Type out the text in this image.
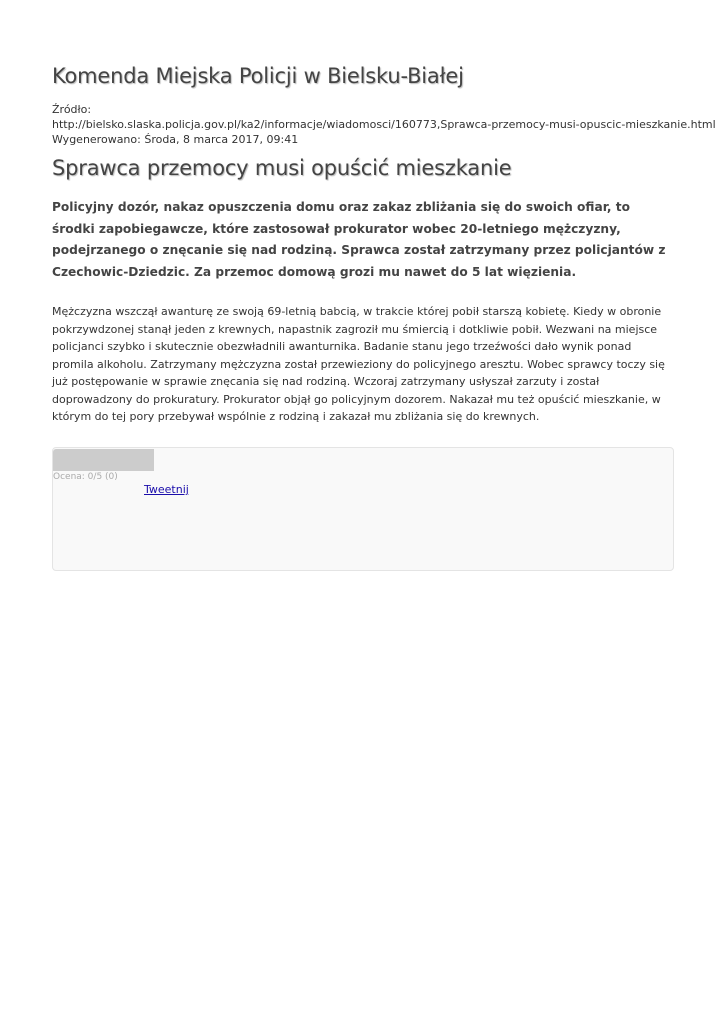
Komenda Miejska Policji w Bielsku-Białej
Źródło:
http://bielsko.slaska.policja.gov.pl/ka2/informacje/wiadomosci/160773,Sprawca-przemocy-musi-opuscic-mieszkanie.html
Wygenerowano: Środa, 8 marca 2017, 09:41
Sprawca przemocy musi opuścić mieszkanie
Policyjny dozór, nakaz opuszczenia domu oraz zakaz zbliżania się do swoich ofiar, to środki zapobiegawcze, które zastosował prokurator wobec 20-letniego mężczyzny, podejrzanego o znęcanie się nad rodziną. Sprawca został zatrzymany przez policjantów z Czechowic-Dziedzic. Za przemoc domową grozi mu nawet do 5 lat więzienia.
Mężczyzna wszczął awanturę ze swoją 69-letnią babcią, w trakcie której pobił starszą kobietę. Kiedy w obronie pokrzywdzonej stanął jeden z krewnych, napastnik zagroził mu śmiercią i dotkliwie pobił. Wezwani na miejsce policjanci szybko i skutecznie obezwładnili awanturnika. Badanie stanu jego trzeźwości dało wynik ponad promila alkoholu. Zatrzymany mężczyzna został przewieziony do policyjnego aresztu. Wobec sprawcy toczy się już postępowanie w sprawie znęcania się nad rodziną. Wczoraj zatrzymany usłyszał zarzuty i został doprowadzony do prokuratury. Prokurator objął go policyjnym dozorem. Nakazał mu też opuścić mieszkanie, w którym do tej pory przebywał wspólnie z rodziną i zakazał mu zbliżania się do krewnych.
Ocena: 0/5 (0)
Tweetnij
